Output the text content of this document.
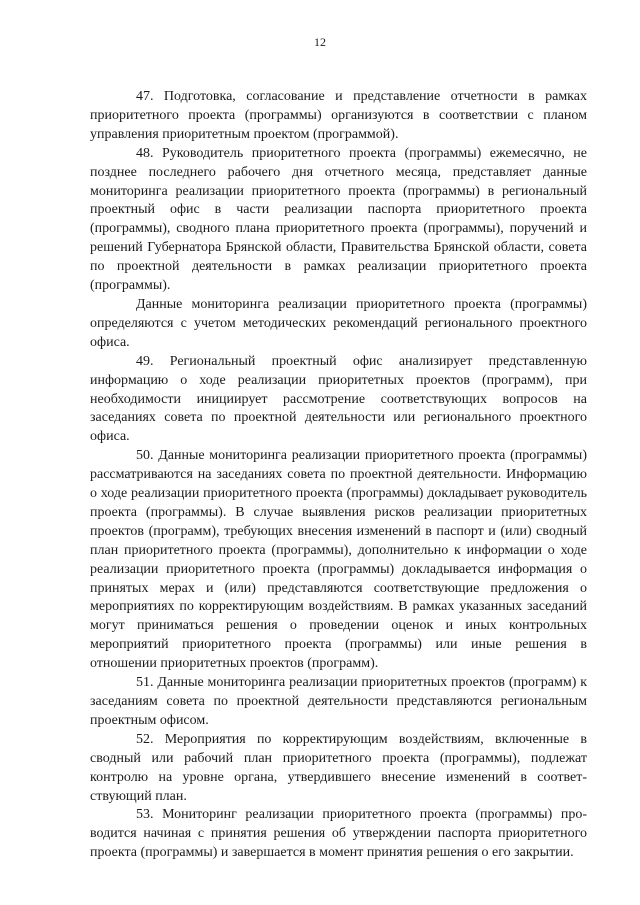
12

47. Подготовка, согласование и представление отчетности в рамках приоритетного проекта (программы) организуются в соответствии с планом управления приоритетным проектом (программой).

48. Руководитель приоритетного проекта (программы) ежемесячно, не позднее последнего рабочего дня отчетного месяца, представляет данные мониторинга реализации приоритетного проекта (программы) в региональный проектный офис в части реализации паспорта приоритетного проекта (программы), сводного плана приоритетного проекта (программы), поручений и решений Губернатора Брянской области, Правительства Брянской области, совета по проектной деятельности в рамках реализации приоритетного проекта (программы).

Данные мониторинга реализации приоритетного проекта (программы) определяются с учетом методических рекомендаций регионального проектного офиса.

49. Региональный проектный офис анализирует представленную информацию о ходе реализации приоритетных проектов (программ), при необходимости инициирует рассмотрение соответствующих вопросов на заседаниях совета по проектной деятельности или регионального проектного офиса.

50. Данные мониторинга реализации приоритетного проекта (программы) рассматриваются на заседаниях совета по проектной деятельности. Информацию о ходе реализации приоритетного проекта (программы) докладывает руководитель проекта (программы). В случае выявления рисков реализации приоритетных проектов (программ), требующих внесения изменений в паспорт и (или) сводный план приоритетного проекта (программы), дополнительно к информации о ходе реализации приоритетного проекта (программы) докладывается информация о принятых мерах и (или) представляются соответствующие предложения о мероприятиях по корректирующим воздействиям. В рамках указанных заседаний могут приниматься решения о проведении оценок и иных контрольных мероприятий приоритетного проекта (программы) или иные решения в отношении приоритетных проектов (программ).

51. Данные мониторинга реализации приоритетных проектов (программ) к заседаниям совета по проектной деятельности представляются региональным проектным офисом.

52. Мероприятия по корректирующим воздействиям, включенные в сводный или рабочий план приоритетного проекта (программы), подлежат контролю на уровне органа, утвердившего внесение изменений в соответствующий план.

53. Мониторинг реализации приоритетного проекта (программы) проводится начиная с принятия решения об утверждении паспорта приоритетного проекта (программы) и завершается в момент принятия решения о его закрытии.
